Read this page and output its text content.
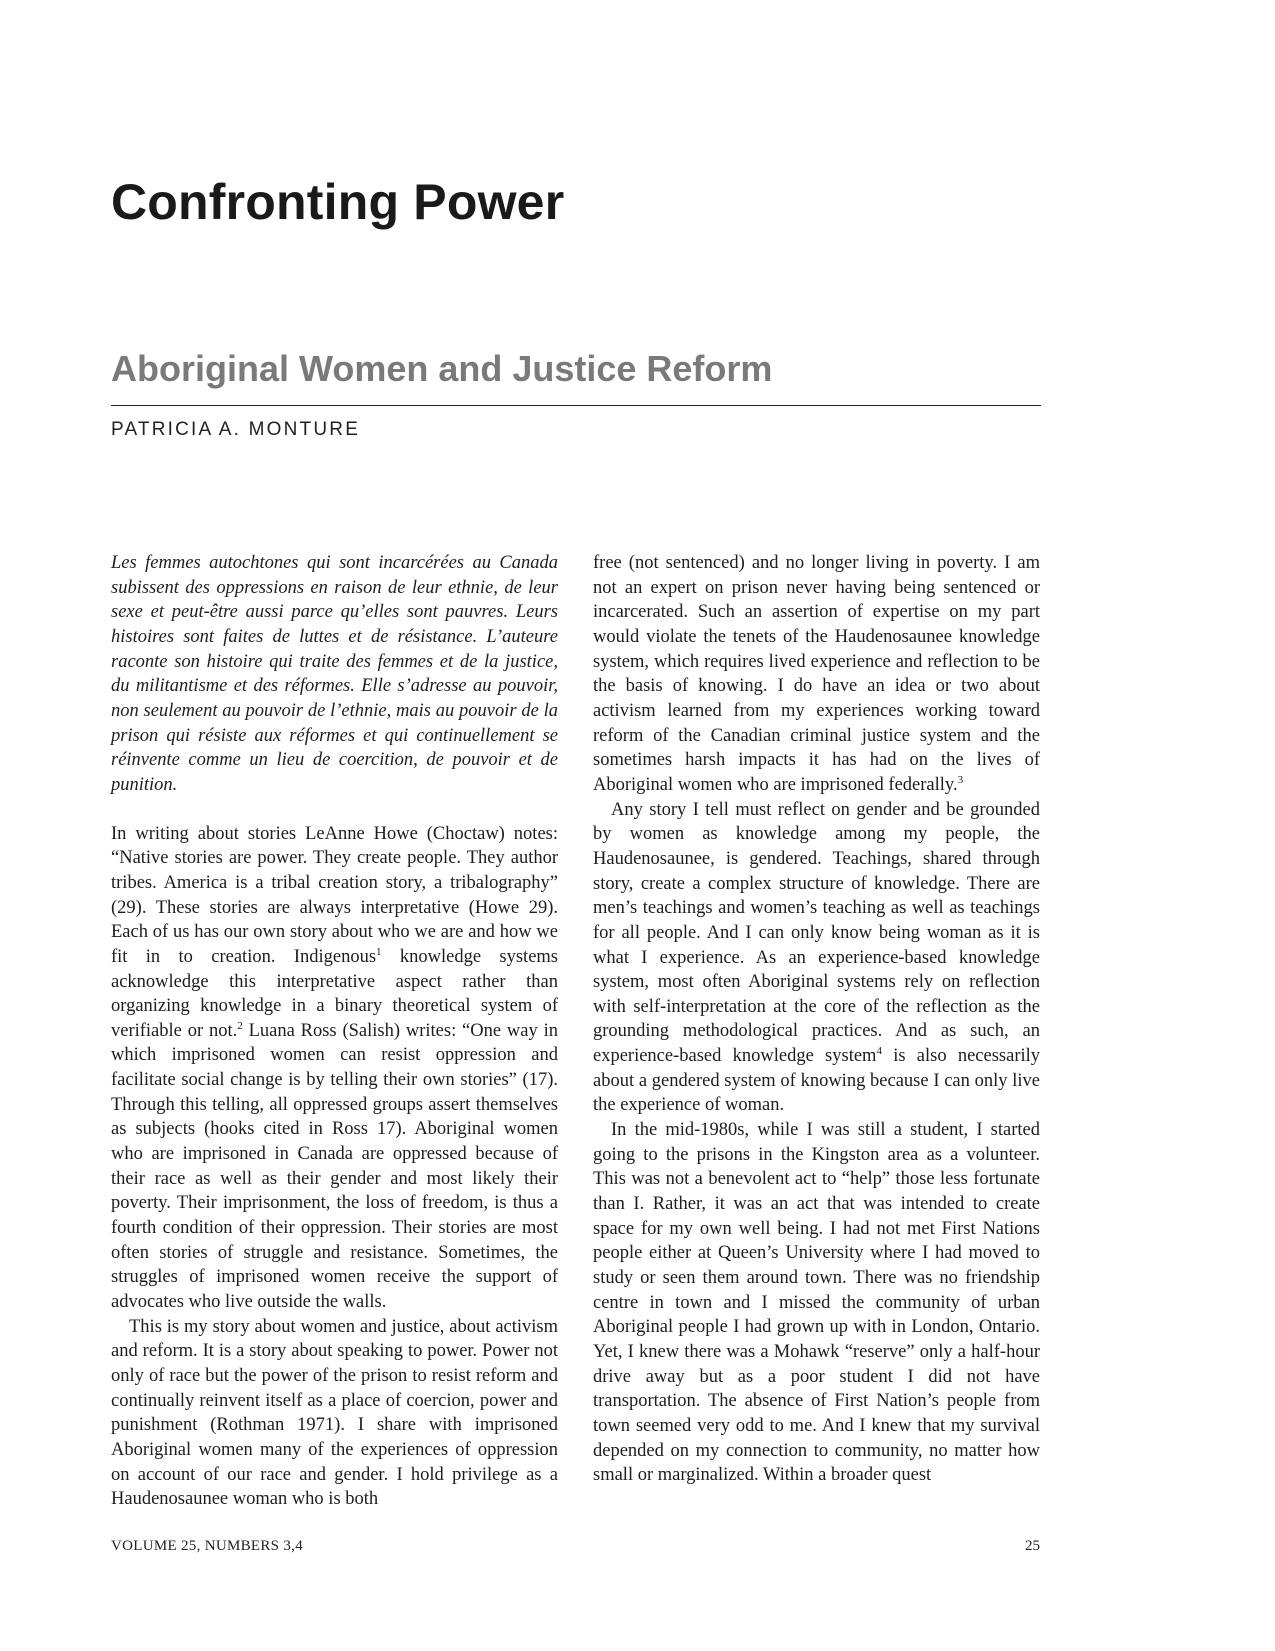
Confronting Power
Aboriginal Women and Justice Reform
PATRICIA A. MONTURE

Les femmes autochtones qui sont incarcérées au Canada subissent des oppressions en raison de leur ethnie, de leur sexe et peut-être aussi parce qu’elles sont pauvres. Leurs histoires sont faites de luttes et de résistance. L’auteure raconte son histoire qui traite des femmes et de la justice, du militantisme et des réformes. Elle s’adresse au pouvoir, non seulement au pouvoir de l’ethnie, mais au pouvoir de la prison qui résiste aux réformes et qui continuellement se réinvente comme un lieu de coercition, de pouvoir et de punition.

In writing about stories LeAnne Howe (Choctaw) notes: “Native stories are power. They create people. They author tribes. America is a tribal creation story, a tribalography” (29). These stories are always interpretative (Howe 29). Each of us has our own story about who we are and how we fit in to creation. Indigenous$^1$ knowledge systems acknowledge this interpretative aspect rather than organizing knowledge in a binary theoretical system of verifiable or not.$^2$ Luana Ross (Salish) writes: “One way in which imprisoned women can resist oppression and facilitate social change is by telling their own stories” (17). Through this telling, all oppressed groups assert themselves as subjects (hooks cited in Ross 17). Aboriginal women who are imprisoned in Canada are oppressed because of their race as well as their gender and most likely their poverty. Their imprisonment, the loss of freedom, is thus a fourth condition of their oppression. Their stories are most often stories of struggle and resistance. Sometimes, the struggles of imprisoned women receive the support of advocates who live outside the walls.

This is my story about women and justice, about activism and reform. It is a story about speaking to power. Power not only of race but the power of the prison to resist reform and continually reinvent itself as a place of coercion, power and punishment (Rothman 1971). I share with imprisoned Aboriginal women many of the experiences of oppression on account of our race and gender. I hold privilege as a Haudenosaunee woman who is both

free (not sentenced) and no longer living in poverty. I am not an expert on prison never having being sentenced or incarcerated. Such an assertion of expertise on my part would violate the tenets of the Haudenosaunee knowledge system, which requires lived experience and reflection to be the basis of knowing. I do have an idea or two about activism learned from my experiences working toward reform of the Canadian criminal justice system and the sometimes harsh impacts it has had on the lives of Aboriginal women who are imprisoned federally.$^3$

Any story I tell must reflect on gender and be grounded by women as knowledge among my people, the Haudenosaunee, is gendered. Teachings, shared through story, create a complex structure of knowledge. There are men’s teachings and women’s teaching as well as teachings for all people. And I can only know being woman as it is what I experience. As an experience-based knowledge system, most often Aboriginal systems rely on reflection with self-interpretation at the core of the reflection as the grounding methodological practices. And as such, an experience-based knowledge system$^4$ is also necessarily about a gendered system of knowing because I can only live the experience of woman.

In the mid-1980s, while I was still a student, I started going to the prisons in the Kingston area as a volunteer. This was not a benevolent act to “help” those less fortunate than I. Rather, it was an act that was intended to create space for my own well being. I had not met First Nations people either at Queen’s University where I had moved to study or seen them around town. There was no friendship centre in town and I missed the community of urban Aboriginal people I had grown up with in London, Ontario. Yet, I knew there was a Mohawk “reserve” only a half-hour drive away but as a poor student I did not have transportation. The absence of First Nation’s people from town seemed very odd to me. And I knew that my survival depended on my connection to community, no matter how small or marginalized. Within a broader quest

VOLUME 25, NUMBERS 3,4	25
